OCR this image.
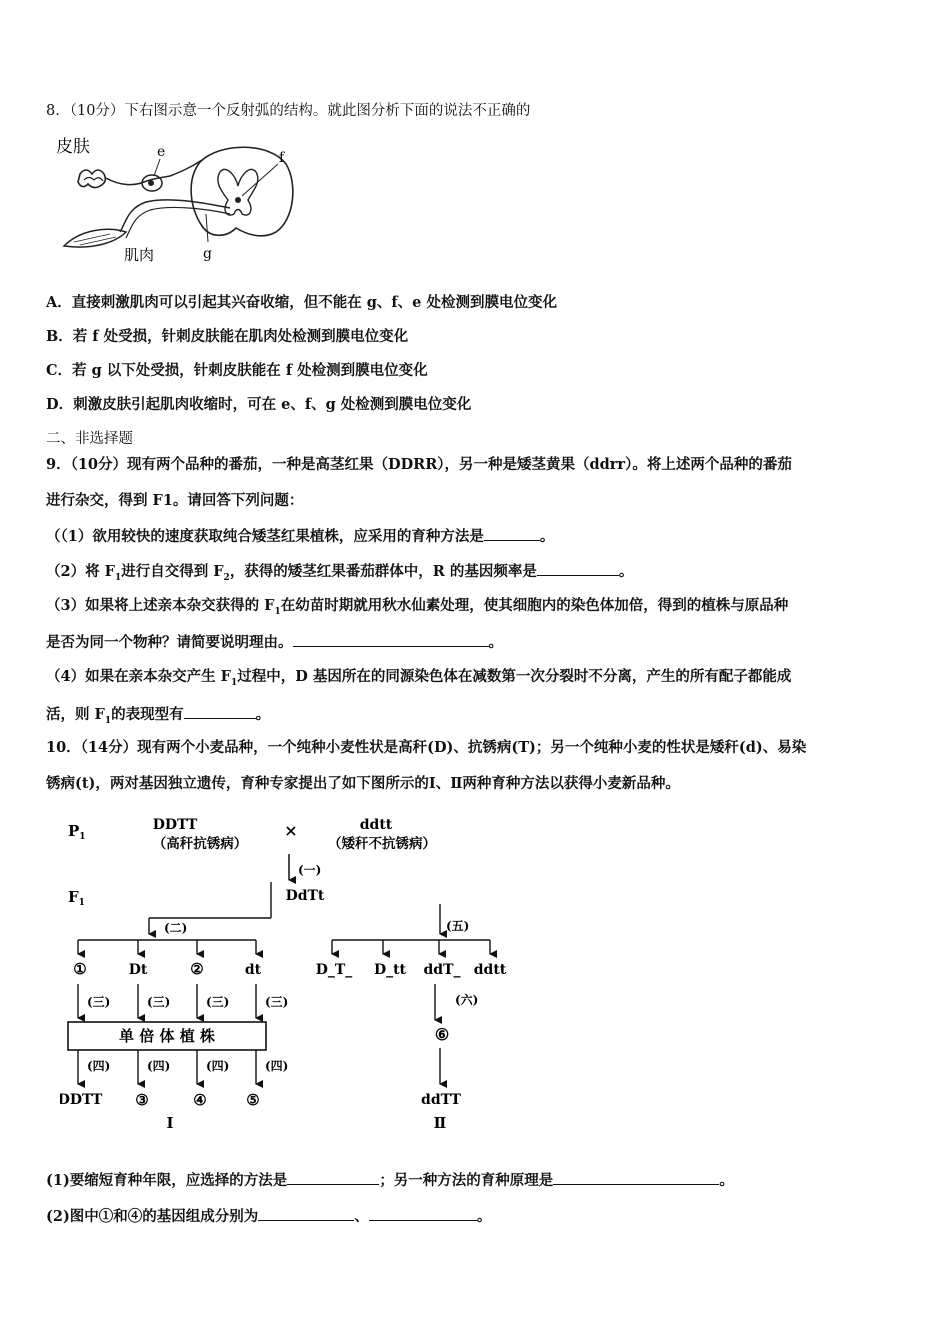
8．（10分）下右图示意一个反射弧的结构。就此图分析下面的说法不正确的
皮肤	e	f
肌肉	g
A．直接刺激肌肉可以引起其兴奋收缩，但不能在 g、f、e 处检测到膜电位变化
B．若 f 处受损，针刺皮肤能在肌肉处检测到膜电位变化
C．若 g 以下处受损，针刺皮肤能在 f 处检测到膜电位变化
D．刺激皮肤引起肌肉收缩时，可在 e、f、g 处检测到膜电位变化
二、非选择题
9．（10分）现有两个品种的番茄，一种是高茎红果（DDRR），另一种是矮茎黄果（ddrr）。将上述两个品种的番茄
进行杂交，得到 F1。请回答下列问题：
（（1）欲用较快的速度获取纯合矮茎红果植株，应采用的育种方法是	。
（2）将 $F_1$进行自交得到 $F_2$，获得的矮茎红果番茄群体中，R 的基因频率是	。
（3）如果将上述亲本杂交获得的 $F_1$在幼苗时期就用秋水仙素处理，使其细胞内的染色体加倍，得到的植株与原品种
是否为同一个物种？请简要说明理由。	。
（4）如果在亲本杂交产生 $F_1$过程中，D 基因所在的同源染色体在减数第一次分裂时不分离，产生的所有配子都能成
活，则 $F_1$的表现型有	。
10．（14分）现有两个小麦品种，一个纯种小麦性状是高秆(D)、抗锈病(T)；另一个纯种小麦的性状是矮秆(d)、易染
锈病(t)，两对基因独立遗传，育种专家提出了如下图所示的Ⅰ、Ⅱ两种育种方法以获得小麦新品种。
$P_1$
DDTT
（高秆抗锈病）
×	ddtt
（矮秆不抗锈病）
(一)
$F_1$	DdTt
(二)
①	Dt	②	dt
(三)	(三)	(三)	(三)
单 倍 体 植 株
(四)	(四)	(四)	(四)
DDTT ③	④	⑤
Ⅰ
(五)
D_T_ D_tt ddT_ ddtt
(六)
⑥
ddTT
Ⅱ
(1)要缩短育种年限，应选择的方法是	；另一种方法的育种原理是	。
(2)图中①和④的基因组成分别为	、	。
